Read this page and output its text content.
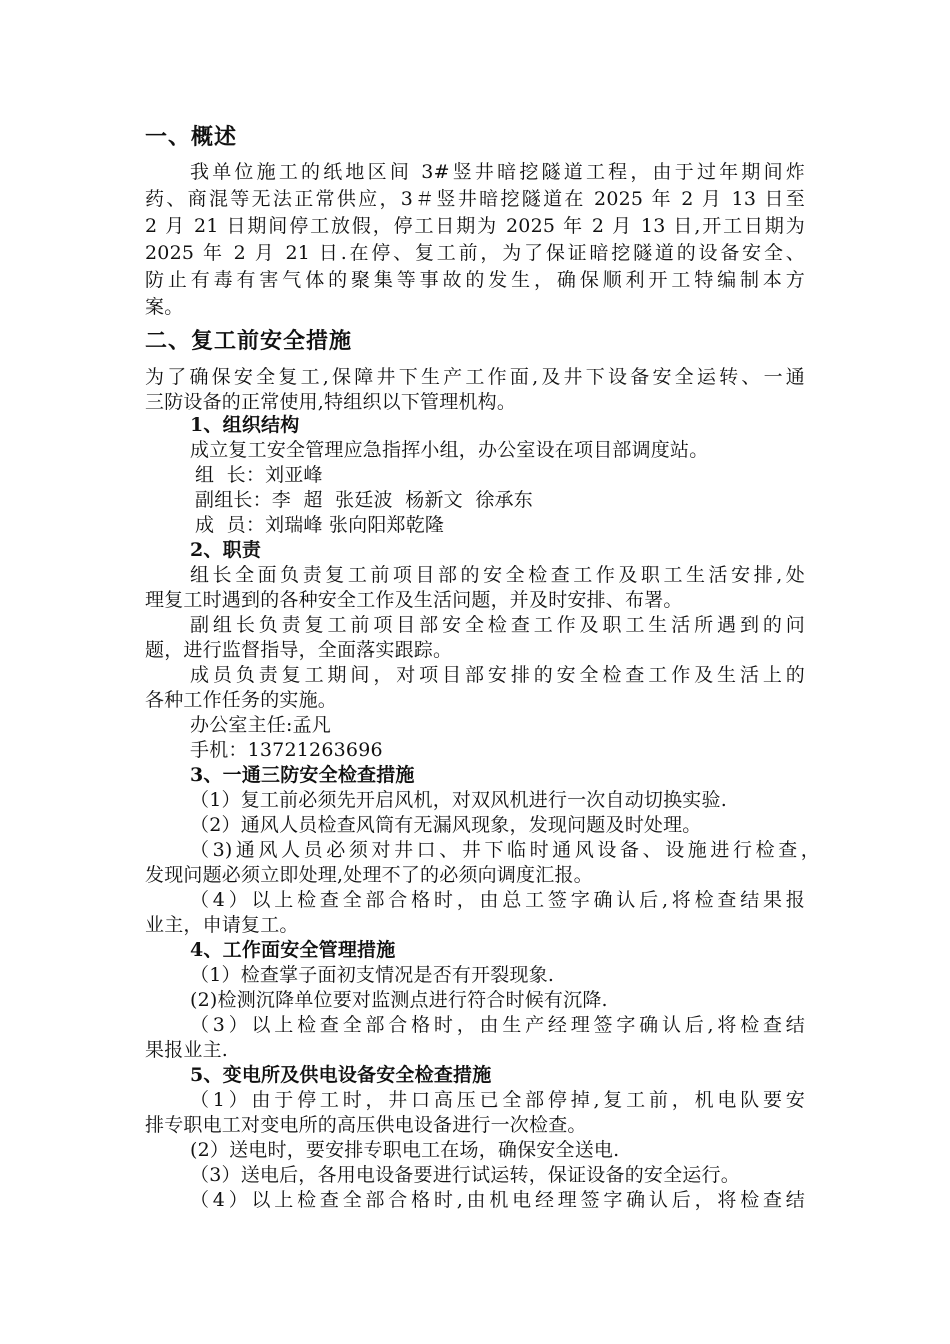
一、概述
我单位施工的纸地区间 3#竖井暗挖隧道工程，由于过年期间炸
药、商混等无法正常供应，3＃竖井暗挖隧道在 2025 年 2 月 13 日至
2 月 21 日期间停工放假，停工日期为 2025 年 2 月 13 日,开工日期为
2025 年 2 月 21 日.在停、复工前，为了保证暗挖隧道的设备安全、
防止有毒有害气体的聚集等事故的发生，确保顺利开工特编制本方
案。
二、复工前安全措施
为了确保安全复工,保障井下生产工作面,及井下设备安全运转、一通
三防设备的正常使用,特组织以下管理机构。
1、组织结构
成立复工安全管理应急指挥小组，办公室设在项目部调度站。
组  长：刘亚峰
副组长：李  超  张廷波  杨新文  徐承东
成  员：刘瑞峰 张向阳郑乾隆
2、职责
组长全面负责复工前项目部的安全检查工作及职工生活安排,处
理复工时遇到的各种安全工作及生活问题，并及时安排、布署。
副组长负责复工前项目部安全检查工作及职工生活所遇到的问
题，进行监督指导，全面落实跟踪。
成员负责复工期间，对项目部安排的安全检查工作及生活上的
各种工作任务的实施。
办公室主任:孟凡
手机：13721263696
3、一通三防安全检查措施
（1）复工前必须先开启风机，对双风机进行一次自动切换实验.
（2）通风人员检查风筒有无漏风现象，发现问题及时处理。
（3)通风人员必须对井口、井下临时通风设备、设施进行检查，
发现问题必须立即处理,处理不了的必须向调度汇报。
（4）以上检查全部合格时，由总工签字确认后,将检查结果报
业主，申请复工。
4、工作面安全管理措施
（1）检查掌子面初支情况是否有开裂现象.
(2)检测沉降单位要对监测点进行符合时候有沉降.
（3）以上检查全部合格时，由生产经理签字确认后,将检查结
果报业主.
5、变电所及供电设备安全检查措施
（1）由于停工时，井口高压已全部停掉,复工前，机电队要安
排专职电工对变电所的高压供电设备进行一次检查。
(2）送电时，要安排专职电工在场，确保安全送电.
（3）送电后，各用电设备要进行试运转，保证设备的安全运行。
（4）以上检查全部合格时,由机电经理签字确认后，将检查结
